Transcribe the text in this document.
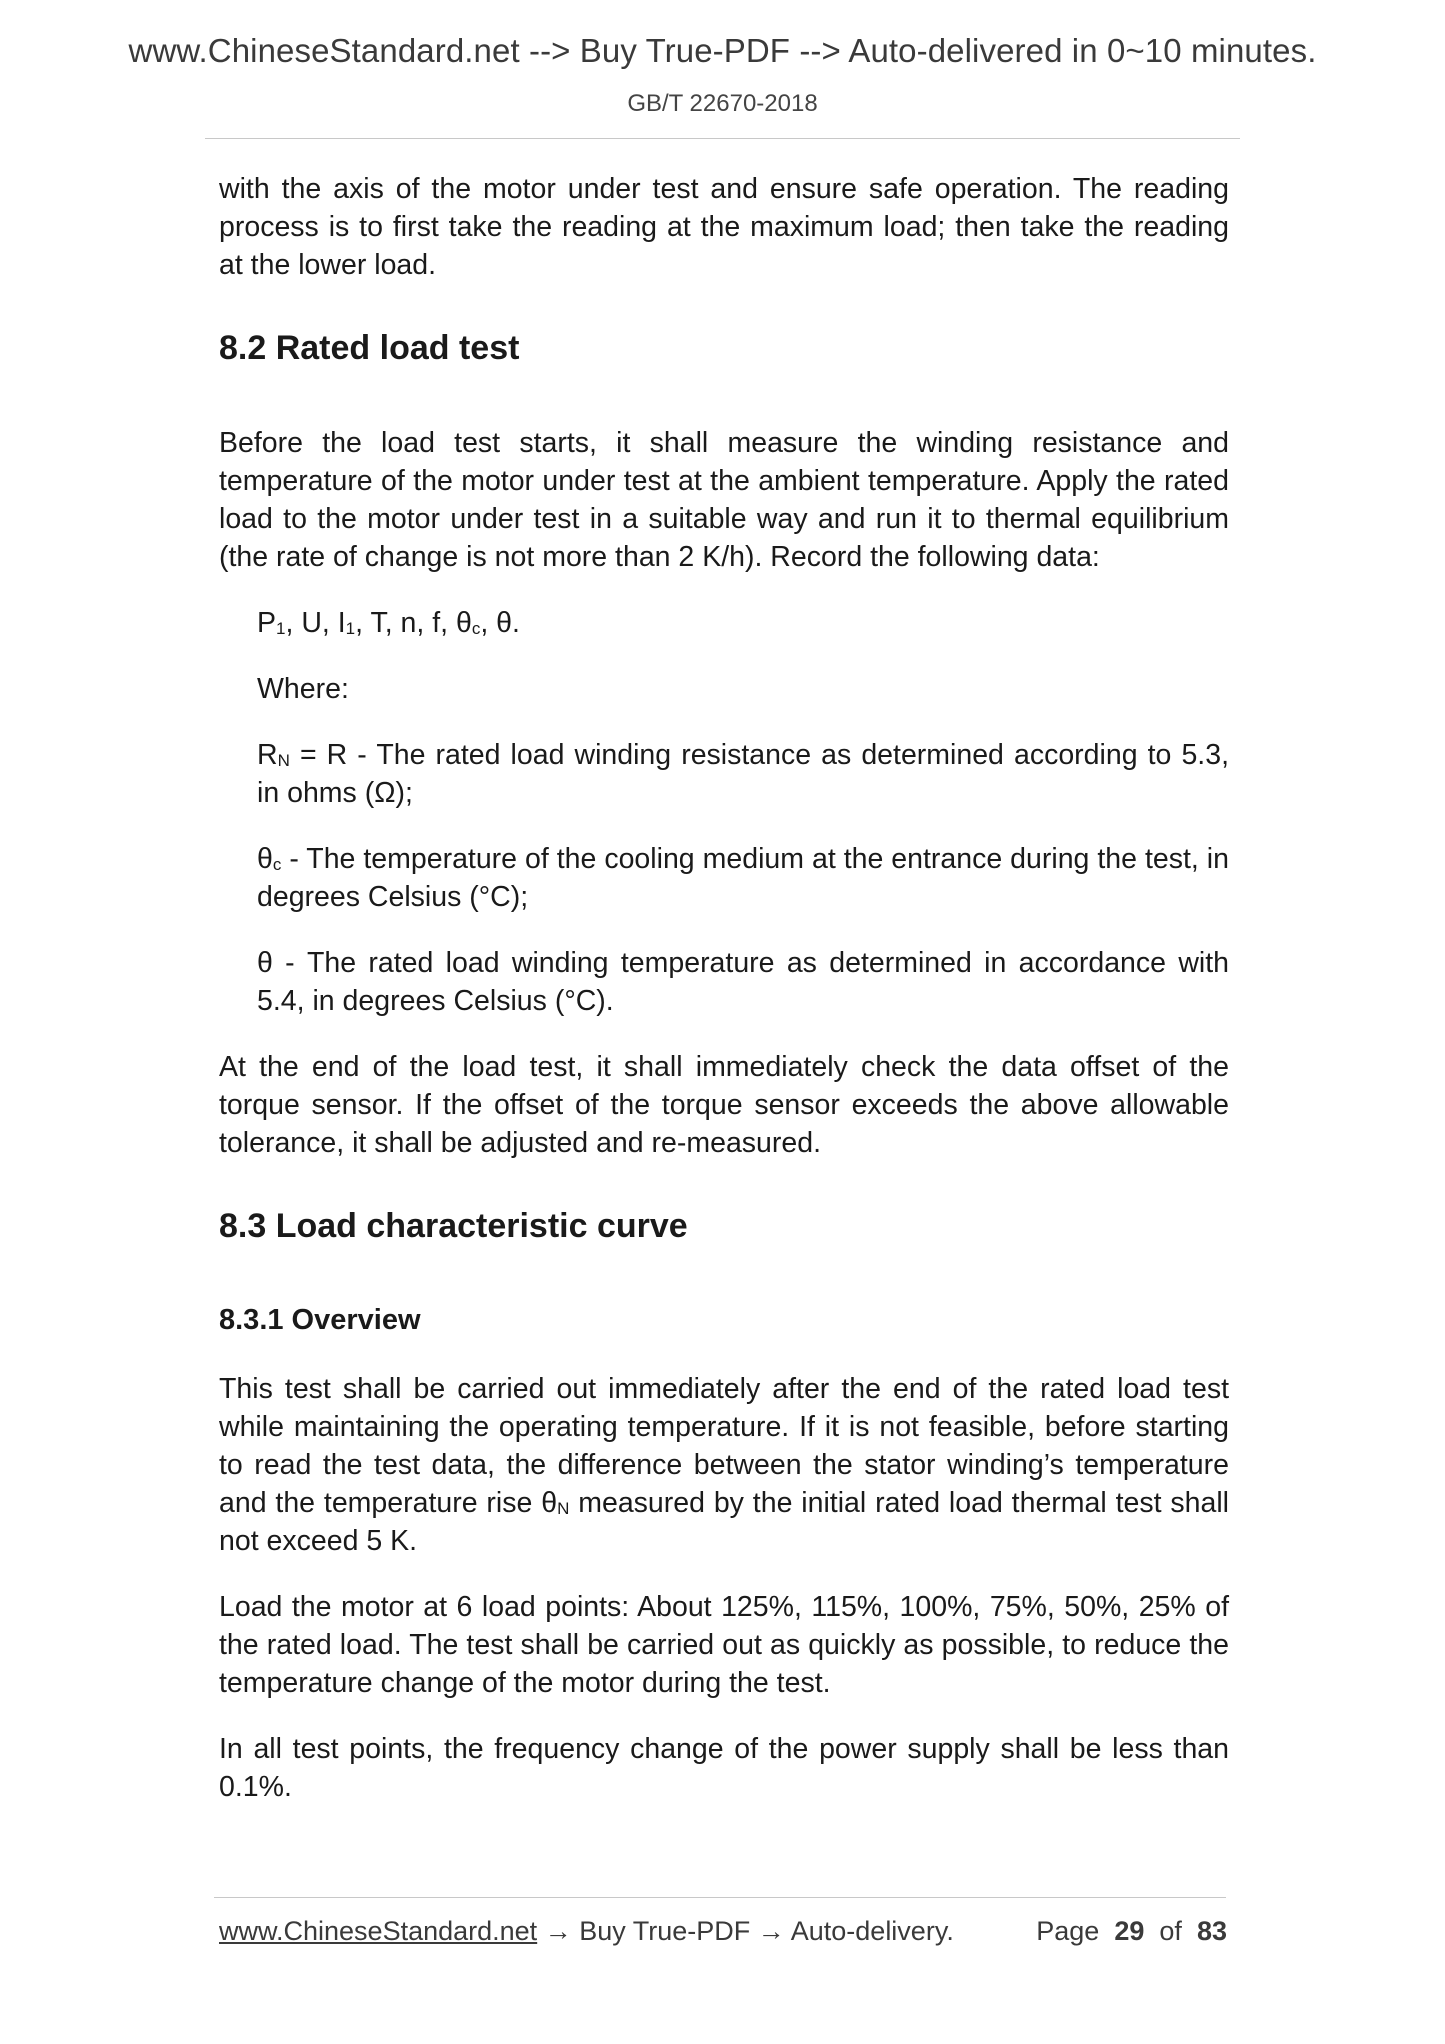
www.ChineseStandard.net --> Buy True-PDF --> Auto-delivered in 0~10 minutes.
GB/T 22670-2018

with the axis of the motor under test and ensure safe operation. The reading process is to first take the reading at the maximum load; then take the reading at the lower load.

8.2 Rated load test

Before the load test starts, it shall measure the winding resistance and temperature of the motor under test at the ambient temperature. Apply the rated load to the motor under test in a suitable way and run it to thermal equilibrium (the rate of change is not more than 2 K/h). Record the following data:

P1, U, I1, T, n, f, θc, θ.

Where:

RN = R - The rated load winding resistance as determined according to 5.3, in ohms (Ω);

θc - The temperature of the cooling medium at the entrance during the test, in degrees Celsius (°C);

θ - The rated load winding temperature as determined in accordance with 5.4, in degrees Celsius (°C).

At the end of the load test, it shall immediately check the data offset of the torque sensor. If the offset of the torque sensor exceeds the above allowable tolerance, it shall be adjusted and re-measured.

8.3 Load characteristic curve
8.3.1 Overview

This test shall be carried out immediately after the end of the rated load test while maintaining the operating temperature. If it is not feasible, before starting to read the test data, the difference between the stator winding’s temperature and the temperature rise θN measured by the initial rated load thermal test shall not exceed 5 K.

Load the motor at 6 load points: About 125%, 115%, 100%, 75%, 50%, 25% of the rated load. The test shall be carried out as quickly as possible, to reduce the temperature change of the motor during the test.

In all test points, the frequency change of the power supply shall be less than 0.1%.

www.ChineseStandard.net → Buy True-PDF → Auto-delivery.	Page 29 of 83
